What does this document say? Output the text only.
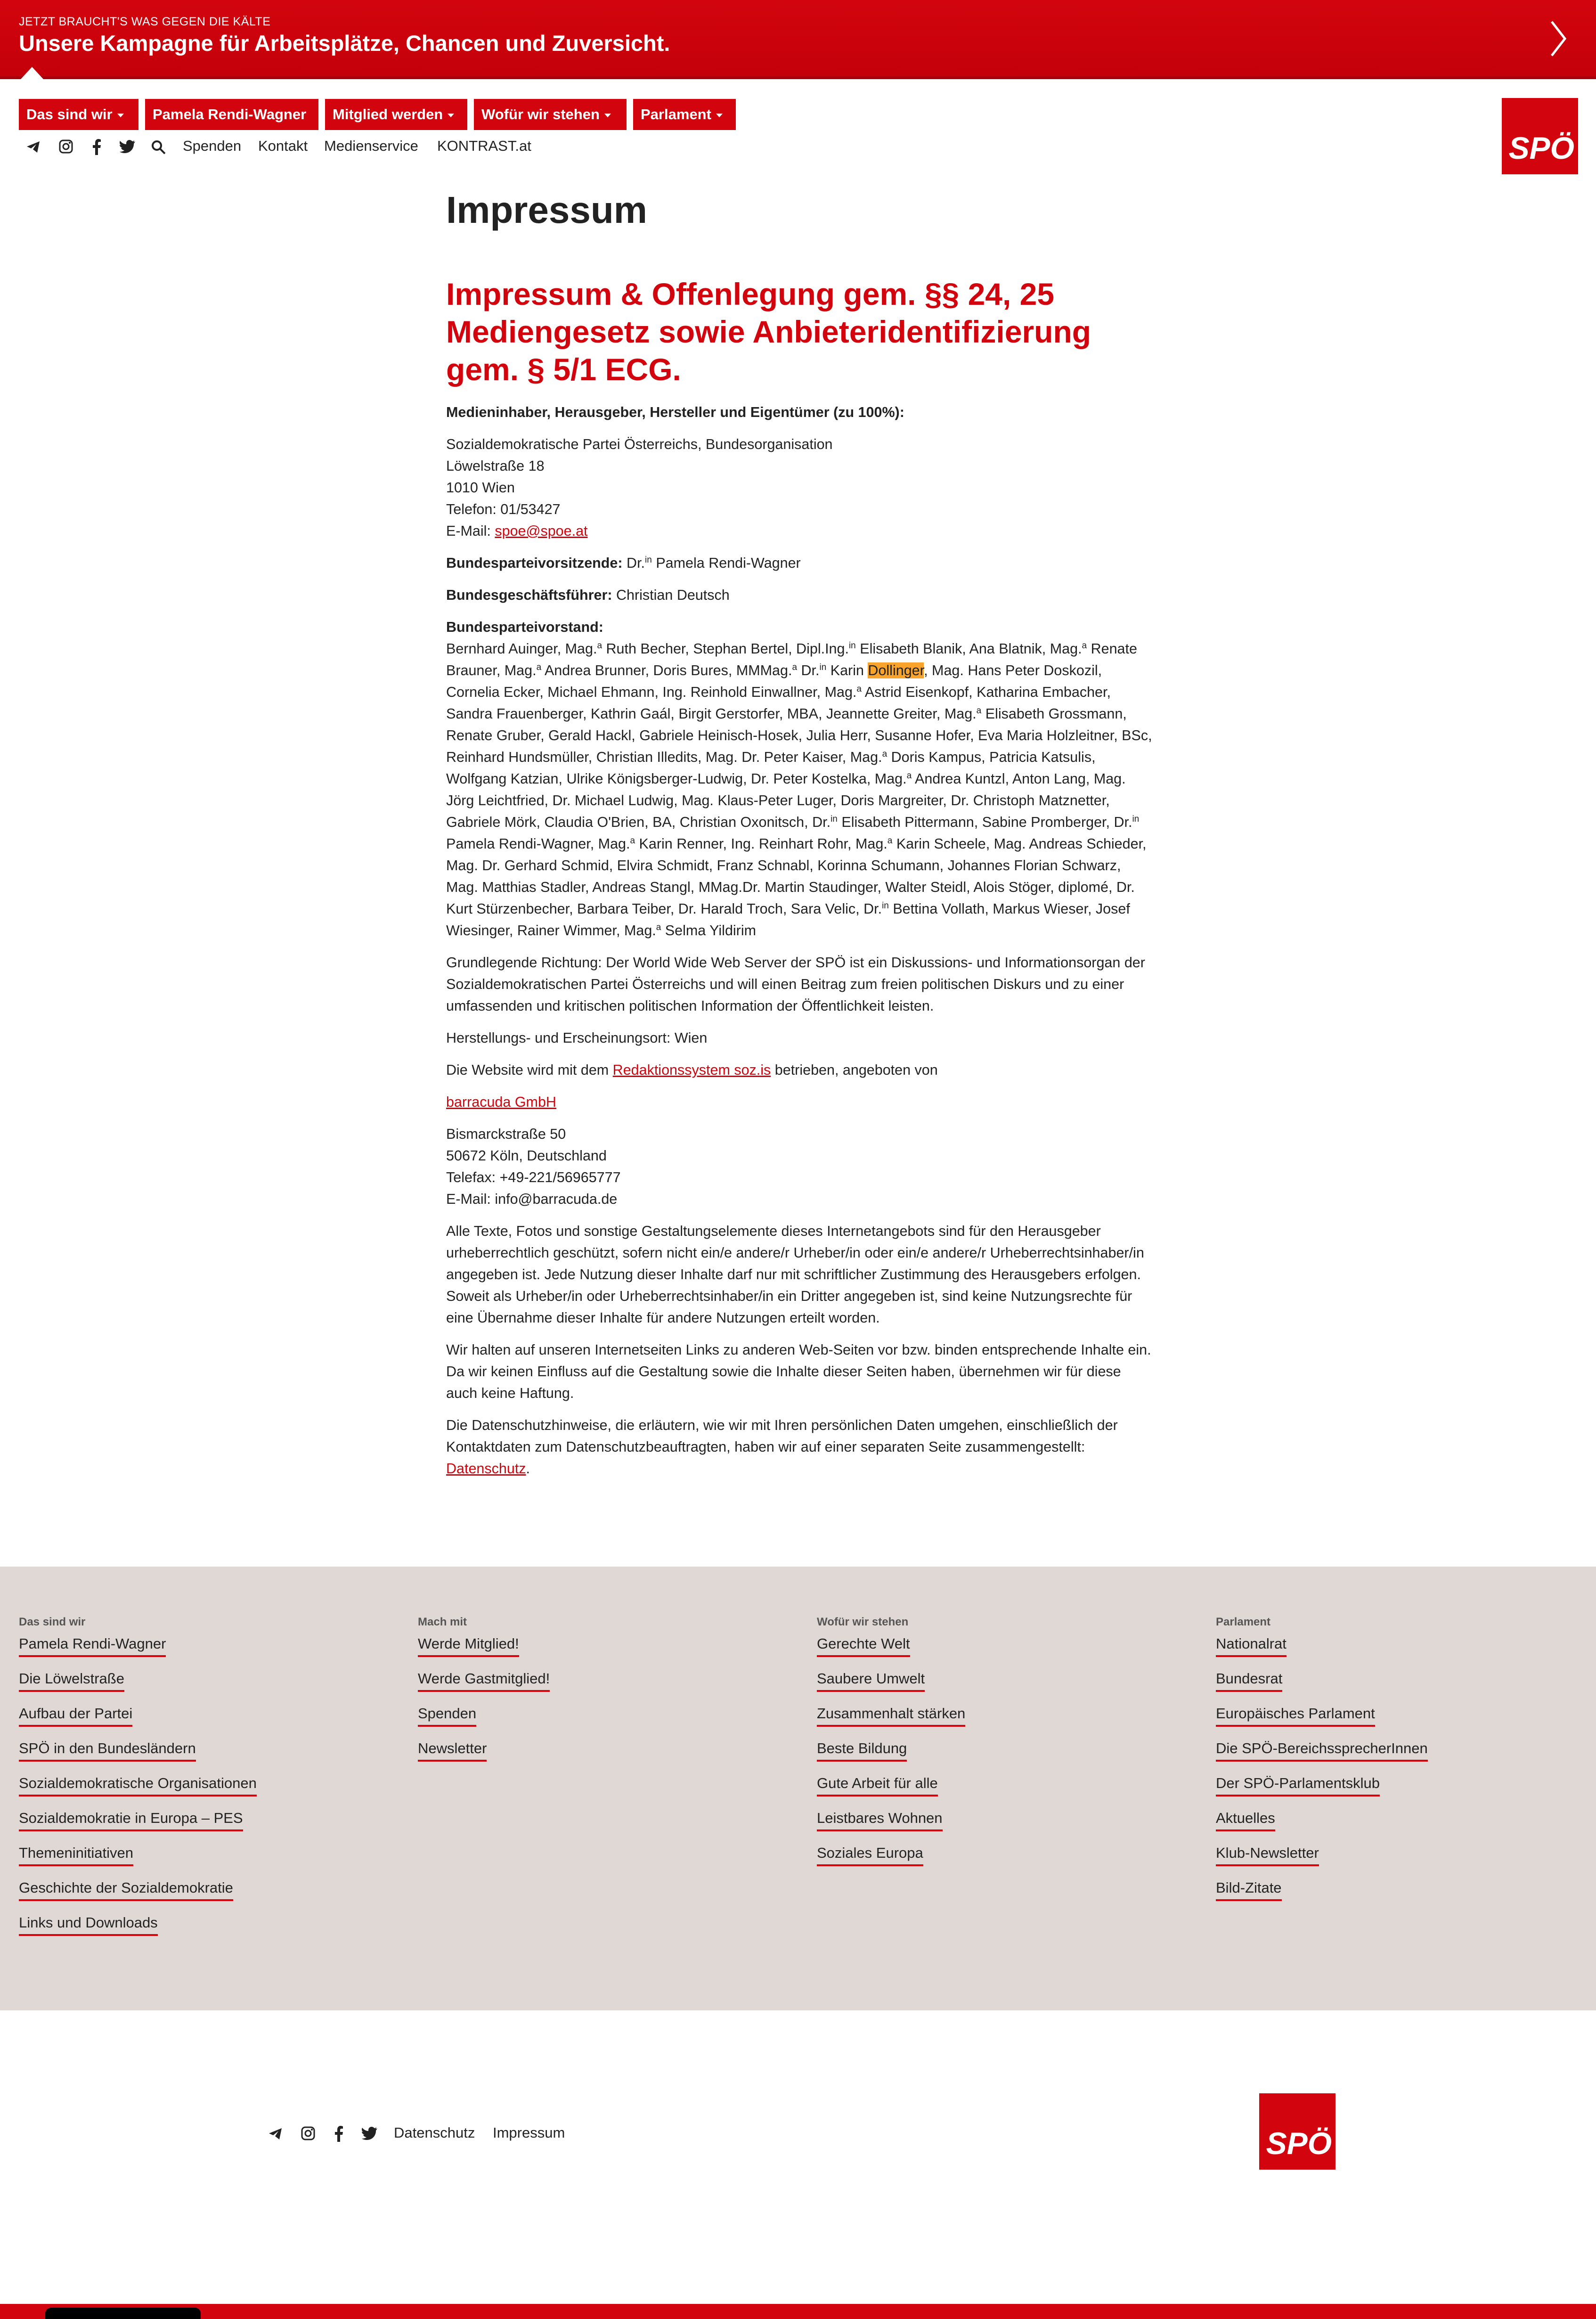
JETZT BRAUCHT'S WAS GEGEN DIE KÄLTE
Unsere Kampagne für Arbeitsplätze, Chancen und Zuversicht.
Das sind wir	Pamela Rendi-Wagner	Mitglied werden	Wofür wir stehen	Parlament
Spenden Kontakt Medienservice KONTRAST.at	SPÖ
Impressum
Impressum & Offenlegung gem. §§ 24, 25 Mediengesetz sowie Anbieteridentifizierung gem. § 5/1 ECG.

Medieninhaber, Herausgeber, Hersteller und Eigentümer (zu 100%):

Sozialdemokratische Partei Österreichs, Bundesorganisation
Löwelstraße 18
1010 Wien
Telefon: 01/53427
E-Mail: spoe@spoe.at

Bundesparteivorsitzende: Dr.$^{in}$ Pamela Rendi-Wagner

Bundesgeschäftsführer: Christian Deutsch

Bundesparteivorstand:
Bernhard Auinger, Mag.$^a$ Ruth Becher, Stephan Bertel, Dipl.Ing.$^{in}$ Elisabeth Blanik, Ana Blatnik, Mag.$^a$ Renate Brauner, Mag.$^a$ Andrea Brunner, Doris Bures, MMMag.$^a$ Dr.$^{in}$ Karin Dollinger, Mag. Hans Peter Doskozil, Cornelia Ecker, Michael Ehmann, Ing. Reinhold Einwallner, Mag.$^a$ Astrid Eisenkopf, Katharina Embacher, Sandra Frauenberger, Kathrin Gaál, Birgit Gerstorfer, MBA, Jeannette Greiter, Mag.$^a$ Elisabeth Grossmann, Renate Gruber, Gerald Hackl, Gabriele Heinisch-Hosek, Julia Herr, Susanne Hofer, Eva Maria Holzleitner, BSc, Reinhard Hundsmüller, Christian Illedits, Mag. Dr. Peter Kaiser, Mag.$^a$ Doris Kampus, Patricia Katsulis, Wolfgang Katzian, Ulrike Königsberger-Ludwig, Dr. Peter Kostelka, Mag.$^a$ Andrea Kuntzl, Anton Lang, Mag. Jörg Leichtfried, Dr. Michael Ludwig, Mag. Klaus-Peter Luger, Doris Margreiter, Dr. Christoph Matznetter, Gabriele Mörk, Claudia O'Brien, BA, Christian Oxonitsch, Dr.$^{in}$ Elisabeth Pittermann, Sabine Promberger, Dr.$^{in}$ Pamela Rendi-Wagner, Mag.$^a$ Karin Renner, Ing. Reinhart Rohr, Mag.$^a$ Karin Scheele, Mag. Andreas Schieder, Mag. Dr. Gerhard Schmid, Elvira Schmidt, Franz Schnabl, Korinna Schumann, Johannes Florian Schwarz, Mag. Matthias Stadler, Andreas Stangl, MMag.Dr. Martin Staudinger, Walter Steidl, Alois Stöger, diplomé, Dr. Kurt Stürzenbecher, Barbara Teiber, Dr. Harald Troch, Sara Velic, Dr.$^{in}$ Bettina Vollath, Markus Wieser, Josef Wiesinger, Rainer Wimmer, Mag.$^a$ Selma Yildirim

Grundlegende Richtung: Der World Wide Web Server der SPÖ ist ein Diskussions- und Informationsorgan der Sozialdemokratischen Partei Österreichs und will einen Beitrag zum freien politischen Diskurs und zu einer umfassenden und kritischen politischen Information der Öffentlichkeit leisten.

Herstellungs- und Erscheinungsort: Wien

Die Website wird mit dem Redaktionssystem soz.is betrieben, angeboten von

barracuda GmbH

Bismarckstraße 50
50672 Köln, Deutschland
Telefax: +49-221/56965777
E-Mail: info@barracuda.de

Alle Texte, Fotos und sonstige Gestaltungselemente dieses Internetangebots sind für den Herausgeber urheberrechtlich geschützt, sofern nicht ein/e andere/r Urheber/in oder ein/e andere/r Urheberrechtsinhaber/in angegeben ist. Jede Nutzung dieser Inhalte darf nur mit schriftlicher Zustimmung des Herausgebers erfolgen. Soweit als Urheber/in oder Urheberrechtsinhaber/in ein Dritter angegeben ist, sind keine Nutzungsrechte für eine Übernahme dieser Inhalte für andere Nutzungen erteilt worden.

Wir halten auf unseren Internetseiten Links zu anderen Web-Seiten vor bzw. binden entsprechende Inhalte ein. Da wir keinen Einfluss auf die Gestaltung sowie die Inhalte dieser Seiten haben, übernehmen wir für diese auch keine Haftung.

Die Datenschutzhinweise, die erläutern, wie wir mit Ihren persönlichen Daten umgehen, einschließlich der Kontaktdaten zum Datenschutzbeauftragten, haben wir auf einer separaten Seite zusammengestellt: Datenschutz.

Das sind wir
Pamela Rendi-Wagner
Die Löwelstraße
Aufbau der Partei
SPÖ in den Bundesländern
Sozialdemokratische Organisationen
Sozialdemokratie in Europa – PES
Themeninitiativen
Geschichte der Sozialdemokratie
Links und Downloads
Mach mit
Werde Mitglied!
Werde Gastmitglied!
Spenden
Newsletter
Wofür wir stehen
Gerechte Welt
Saubere Umwelt
Zusammenhalt stärken
Beste Bildung
Gute Arbeit für alle
Leistbares Wohnen
Soziales Europa
Parlament
Nationalrat
Bundesrat
Europäisches Parlament
Die SPÖ-BereichssprecherInnen
Der SPÖ-Parlamentsklub
Aktuelles
Klub-Newsletter
Bild-Zitate
Datenschutz Impressum	SPÖ
